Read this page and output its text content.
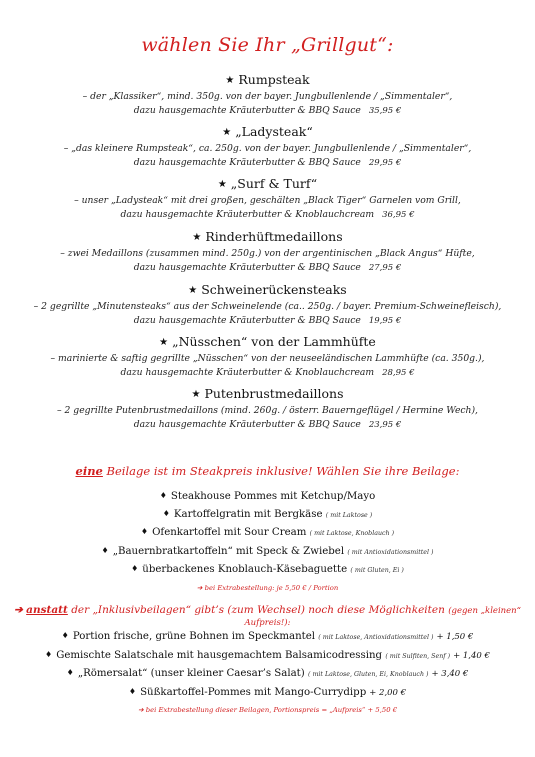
wählen Sie Ihr „Grillgut“:
★ Rumpsteak
– der „Klassiker“, mind. 350g. von der bayer. Jungbullenlende / „Simmentaler“,
dazu hausgemachte Kräuterbutter & BBQ Sauce 35,95 €
★ „Ladysteak“
– „das kleinere Rumpsteak“, ca. 250g. von der bayer. Jungbullenlende / „Simmentaler“,
dazu hausgemachte Kräuterbutter & BBQ Sauce 29,95 €
★ „Surf & Turf“
– unser „Ladysteak“ mit drei großen, geschälten „Black Tiger“ Garnelen vom Grill,
dazu hausgemachte Kräuterbutter & Knoblauchcream 36,95 €
★ Rinderhüftmedaillons
– zwei Medaillons (zusammen mind. 250g.) von der argentinischen „Black Angus“ Hüfte,
dazu hausgemachte Kräuterbutter & BBQ Sauce 27,95 €
★ Schweinerückensteaks
– 2 gegrillte „Minutensteaks“ aus der Schweinelende (ca.. 250g. / bayer. Premium-Schweinefleisch),
dazu hausgemachte Kräuterbutter & BBQ Sauce 19,95 €
★ „Nüsschen“ von der Lammhüfte
– marinierte & saftig gegrillte „Nüsschen“ von der neuseeländischen Lammhüfte (ca. 350g.),
dazu hausgemachte Kräuterbutter & Knoblauchcream 28,95 €
★ Putenbrustmedaillons
– 2 gegrillte Putenbrustmedaillons (mind. 260g. / österr. Bauerngeflügel / Hermine Wech),
dazu hausgemachte Kräuterbutter & BBQ Sauce 23,95 €
eine Beilage ist im Steakpreis inklusive! Wählen Sie ihre Beilage:
♦ Steakhouse Pommes mit Ketchup/Mayo
♦ Kartoffelgratin mit Bergkäse ( mit Laktose )
♦ Ofenkartoffel mit Sour Cream ( mit Laktose, Knoblauch )
♦ „Bauernbratkartoffeln“ mit Speck & Zwiebel ( mit Antioxidationsmittel )
♦ überbackenes Knoblauch-Käsebaguette ( mit Gluten, Ei )
➔ bei Extrabestellung: je 5,50 € / Portion
➔ anstatt der „Inklusivbeilagen“ gibt’s (zum Wechsel) noch diese Möglichkeiten (gegen „kleinen“ Aufpreis!):
♦ Portion frische, grüne Bohnen im Speckmantel ( mit Laktose, Antioxidationsmittel ) + 1,50 €
♦ Gemischte Salatschale mit hausgemachtem Balsamicodressing ( mit Sulfiten, Senf ) + 1,40 €
♦ „Römersalat“ (unser kleiner Caesar’s Salat) ( mit Laktose, Gluten, Ei, Knoblauch ) + 3,40 €
♦ Süßkartoffel-Pommes mit Mango-Currydipp + 2,00 €
➔ bei Extrabestellung dieser Beilagen, Portionspreis = „Aufpreis“ + 5,50 €
